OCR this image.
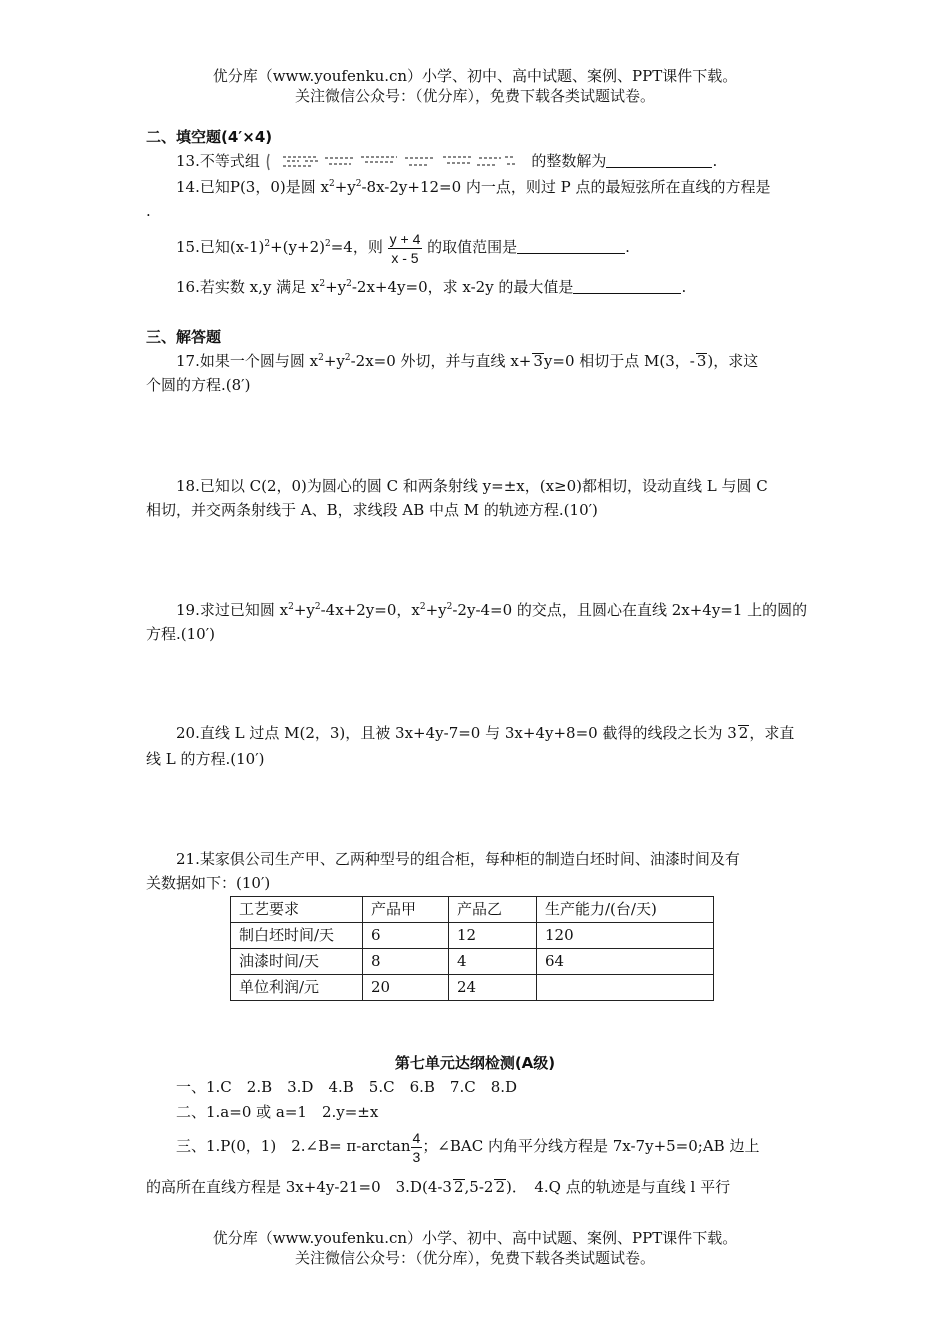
优分库（www.youfenku.cn）小学、初中、高中试题、案例、PPT课件下载。
关注微信公众号：（优分库），免费下载各类试题试卷。
二、填空题(4′×4)
13.不等式组	的整数解为	.
14.已知P(3，0)是圆 $x^2+y^2-8x-2y+12=0$ 内一点，则过 P 点的最短弦所在直线的方程是
.
15.已知$(x-1)^2+(y+2)^2=4$，则 $\frac{y + 4}{x - 5}$ 的取值范围是	.
16.若实数 x,y 满足 $x^2+y^2-2x+4y=0$，求 x-2y 的最大值是	.
三、解答题
17.如果一个圆与圆 $x^2+y^2-2x=0$ 外切，并与直线 x+ 3y=0 相切于点 M(3，- 3)，求这
个圆的方程.(8′)
18.已知以 C(2，0)为圆心的圆 C 和两条射线 y=±x，(x≥0)都相切，设动直线 L 与圆 C
相切，并交两条射线于 A、B，求线段 AB 中点 M 的轨迹方程.(10′)
19.求过已知圆 $x^2+y^2-4x+2y=0$，$x^2+y^2-2y-4=0$ 的交点，且圆心在直线 2x+4y=1 上的圆的
方程.(10′)
20.直线 L 过点 M(2，3)，且被 3x+4y-7=0 与 3x+4y+8=0 截得的线段之长为 3 2，求直
线 L 的方程.(10′)
21.某家俱公司生产甲、乙两种型号的组合柜，每种柜的制造白坯时间、油漆时间及有
关数据如下：(10′)
工艺要求	产品甲	产品乙	生产能力/(台/天)
制白坯时间/天	6	12	120
油漆时间/天	8	4	64
单位利润/元	20	24	
第七单元达纲检测(A级)
一、1.C　2.B　3.D　4.B　5.C　6.B　7.C　8.D
二、1.a=0 或 a=1　2.y=±x
三、1.P(0，1)　2.∠B= $\pi-\arctan \frac{4}{3}$ ；∠BAC 内角平分线方程是 7x-7y+5=0;AB 边上
的高所在直线方程是 3x+4y-21=0　3.D(4-3 2,5-2 2)．　4.Q 点的轨迹是与直线 l 平行
优分库（www.youfenku.cn）小学、初中、高中试题、案例、PPT课件下载。
关注微信公众号：（优分库），免费下载各类试题试卷。
